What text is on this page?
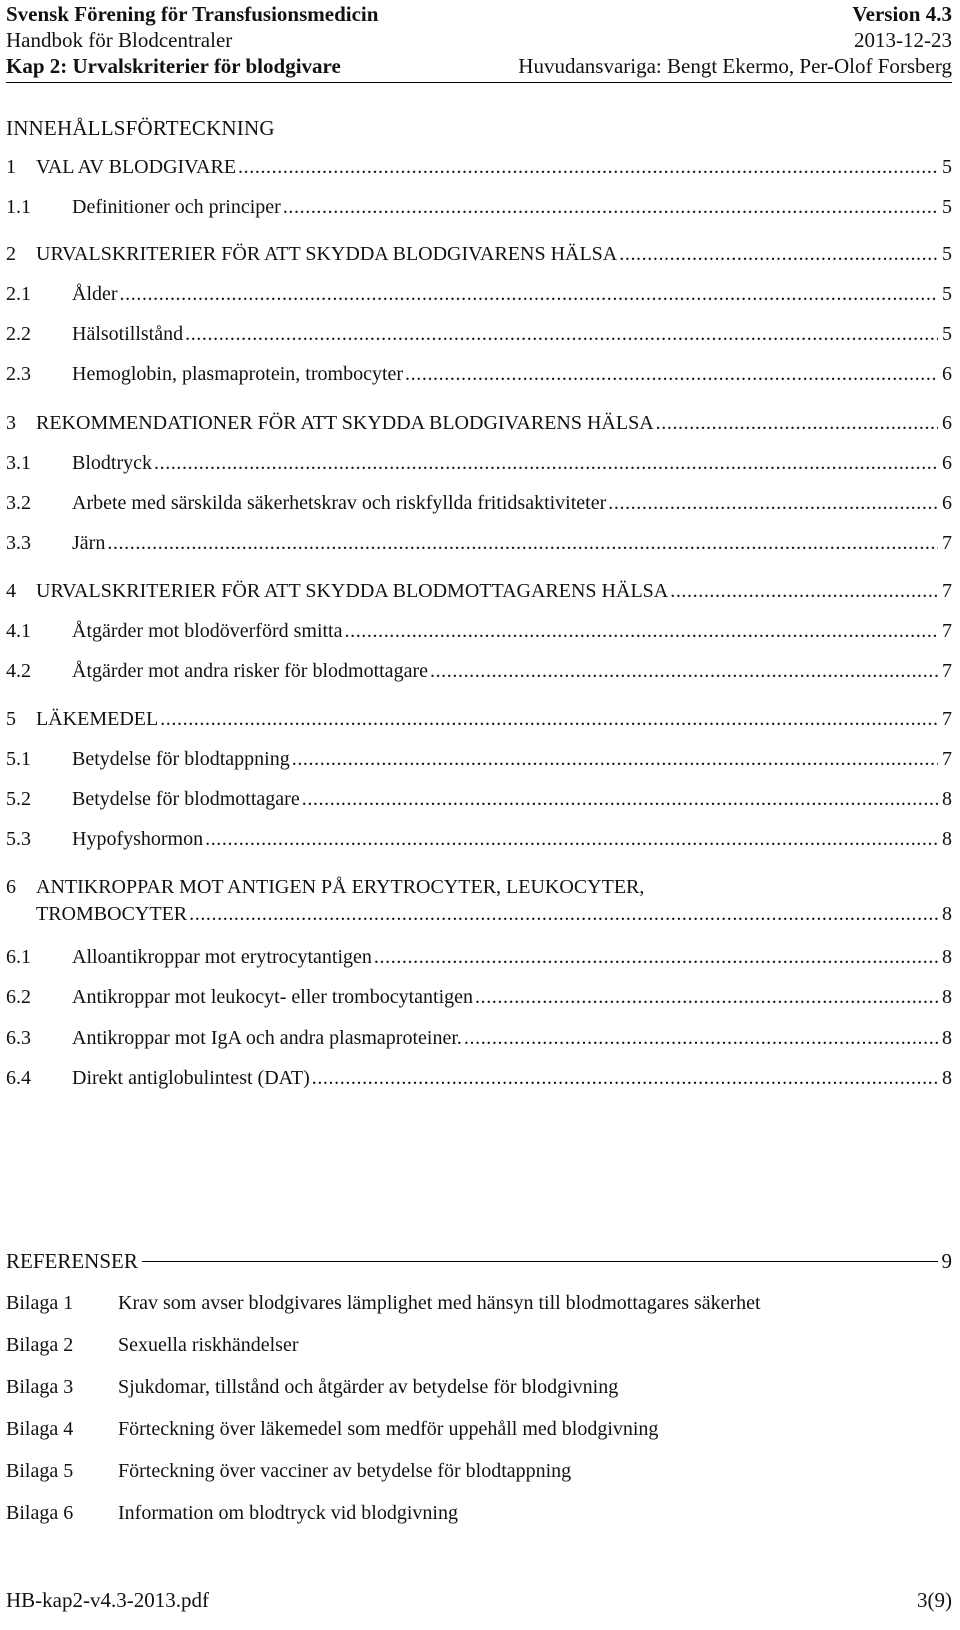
Svensk Förening för Transfusionsmedicin	Version 4.3
Handbok för Blodcentraler	2013-12-23
Kap 2: Urvalskriterier för blodgivare	Huvudansvariga: Bengt Ekermo, Per-Olof Forsberg
INNEHÅLLSFÖRTECKNING
1	VAL AV BLODGIVARE . . .	5
1.1	Definitioner och principer . . .	5
2	URVALSKRITERIER FÖR ATT SKYDDA BLODGIVARENS HÄLSA . . .	5
2.1	Ålder . . .	5
2.2	Hälsotillstånd . . .	5
2.3	Hemoglobin, plasmaprotein, trombocyter . . .	6
3	REKOMMENDATIONER FÖR ATT SKYDDA BLODGIVARENS HÄLSA . . .	6
3.1	Blodtryck . . .	6
3.2	Arbete med särskilda säkerhetskrav och riskfyllda fritidsaktiviteter . . .	6
3.3	Järn . . .	7
4	URVALSKRITERIER FÖR ATT SKYDDA BLODMOTTAGARENS HÄLSA . . .	7
4.1	Åtgärder mot blodöverförd smitta . . .	7
4.2	Åtgärder mot andra risker för blodmottagare . . .	7
5	LÄKEMEDEL . . .	7
5.1	Betydelse för blodtappning . . .	7
5.2	Betydelse för blodmottagare . . .	8
5.3	Hypofyshormon . . .	8
6	ANTIKROPPAR MOT ANTIGEN PÅ ERYTROCYTER, LEUKOCYTER,
TROMBOCYTER . . .	8
6.1	Alloantikroppar mot erytrocytantigen . . .	8
6.2	Antikroppar mot leukocyt- eller trombocytantigen . . .	8
6.3	Antikroppar mot IgA och andra plasmaproteiner. . . .	8
6.4	Direkt antiglobulintest (DAT) . . .	8
REFERENSER	9
Bilaga 1 Krav som avser blodgivares lämplighet med hänsyn till blodmottagares säkerhet
Bilaga 2 Sexuella riskhändelser
Bilaga 3 Sjukdomar, tillstånd och åtgärder av betydelse för blodgivning
Bilaga 4 Förteckning över läkemedel som medför uppehåll med blodgivning
Bilaga 5 Förteckning över vacciner av betydelse för blodtappning
Bilaga 6 Information om blodtryck vid blodgivning
HB-kap2-v4.3-2013.pdf	3(9)
